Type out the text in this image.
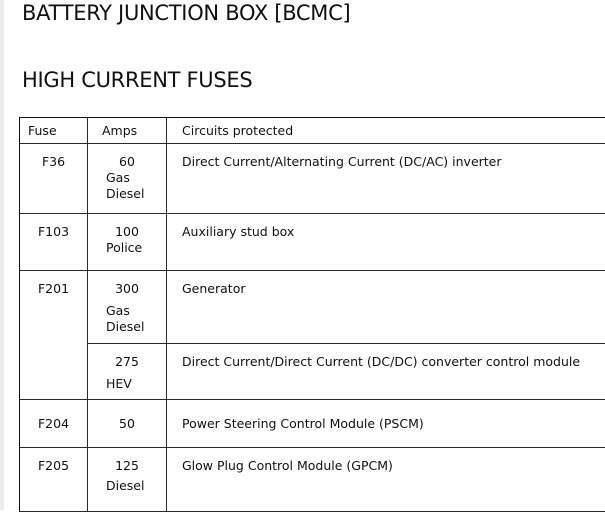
BATTERY JUNCTION BOX [BCMC]
HIGH CURRENT FUSES
Fuse	Amps	Circuits protected
F36	60
Gas
Diesel	Direct Current/Alternating Current (DC/AC) inverter
F103	100
Police	Auxiliary stud box
F201	300
Gas
Diesel	Generator

	275
HEV	Direct Current/Direct Current (DC/DC) converter control module
F204	50	Power Steering Control Module (PSCM)
F205	125
Diesel	Glow Plug Control Module (GPCM)
